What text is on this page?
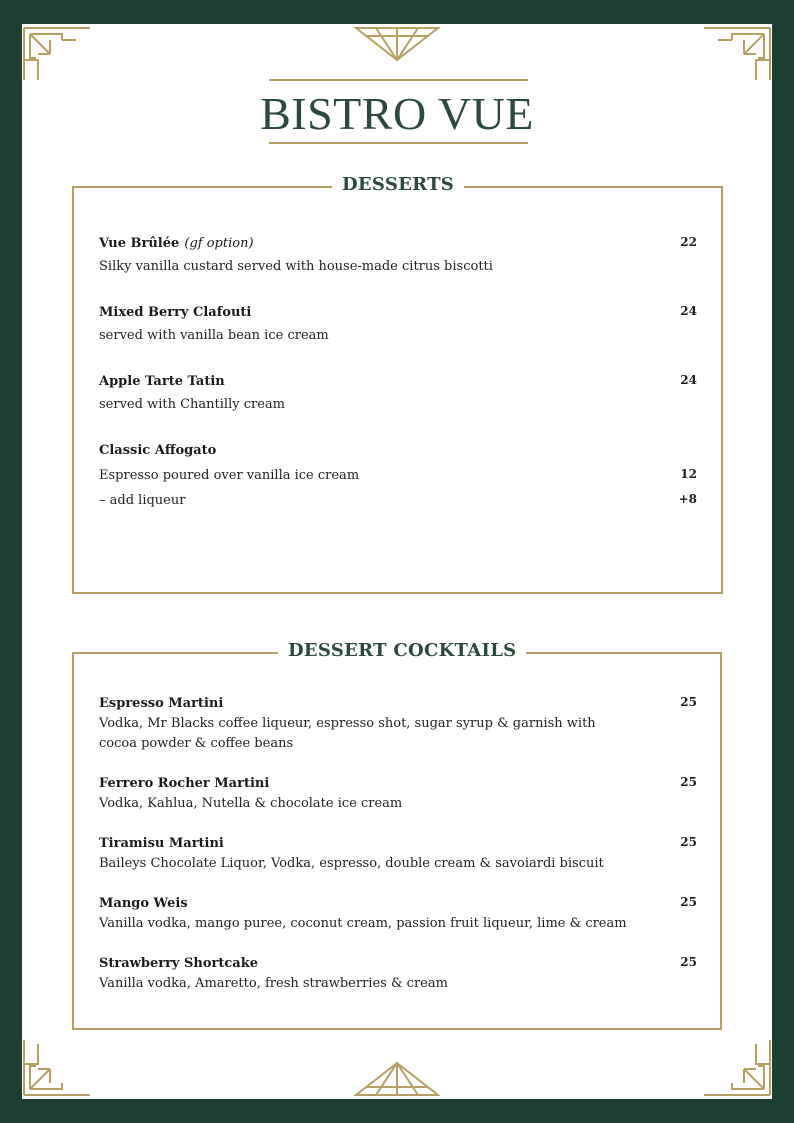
BISTRO VUE
DESSERTS
Vue Brûlée (gf option)	22
Silky vanilla custard served with house-made citrus biscotti
Mixed Berry Clafouti	24
served with vanilla bean ice cream
Apple Tarte Tatin	24
served with Chantilly cream
Classic Affogato
Espresso poured over vanilla ice cream	12
– add liqueur	+8
DESSERT COCKTAILS
Espresso Martini	25
Vodka, Mr Blacks coffee liqueur, espresso shot, sugar syrup & garnish with
cocoa powder & coffee beans
Ferrero Rocher Martini	25
Vodka, Kahlua, Nutella & chocolate ice cream
Tiramisu Martini	25
Baileys Chocolate Liquor, Vodka, espresso, double cream & savoiardi biscuit
Mango Weis	25
Vanilla vodka, mango puree, coconut cream, passion fruit liqueur, lime & cream
Strawberry Shortcake	25
Vanilla vodka, Amaretto, fresh strawberries & cream
